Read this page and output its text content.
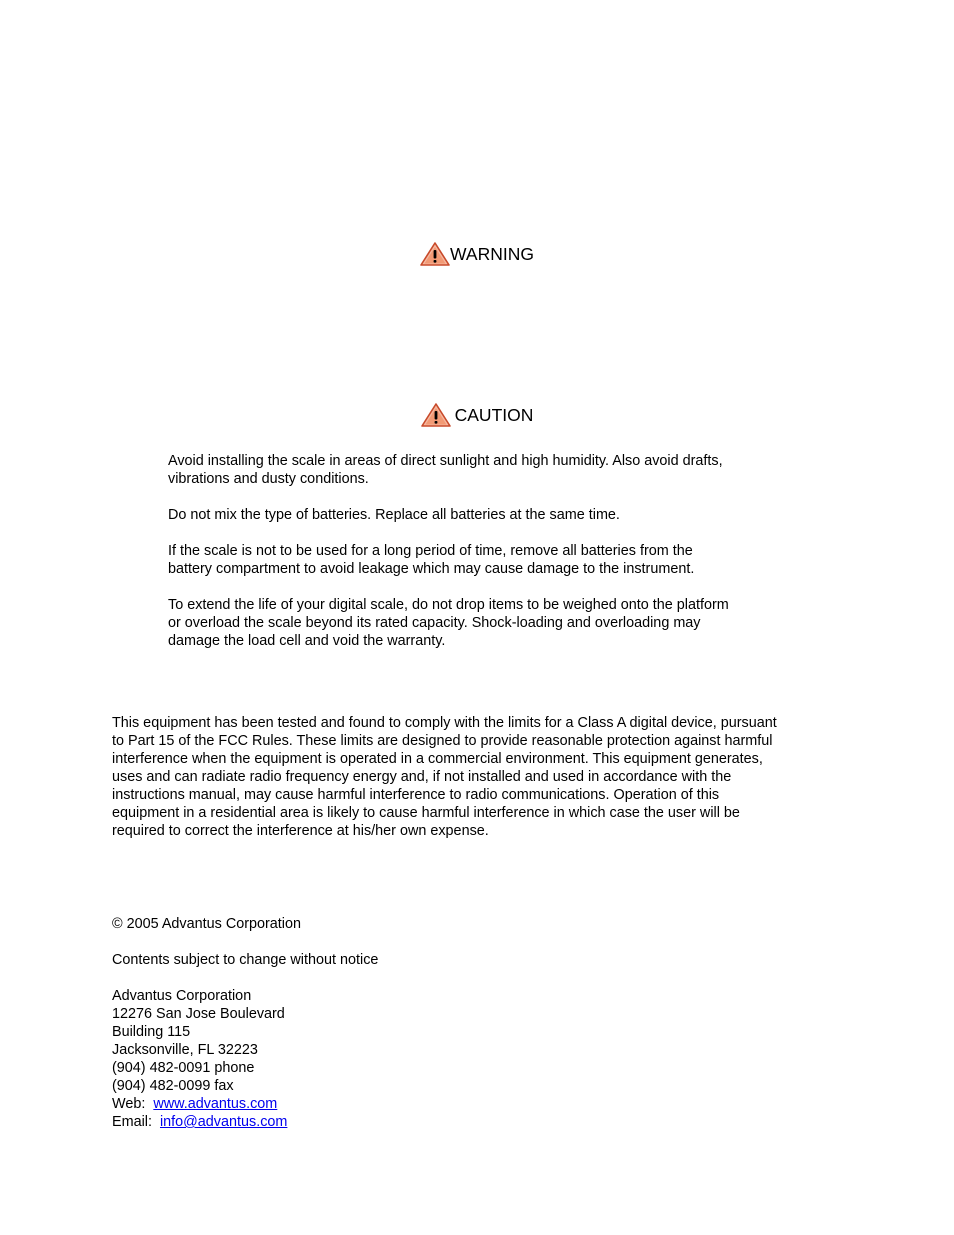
WARNING
CAUTION

Avoid installing the scale in areas of direct sunlight and high humidity. Also avoid drafts,
vibrations and dusty conditions.

Do not mix the type of batteries. Replace all batteries at the same time.

If the scale is not to be used for a long period of time, remove all batteries from the
battery compartment to avoid leakage which may cause damage to the instrument.

To extend the life of your digital scale, do not drop items to be weighed onto the platform
or overload the scale beyond its rated capacity. Shock-loading and overloading may
damage the load cell and void the warranty.

This equipment has been tested and found to comply with the limits for a Class A digital device, pursuant
to Part 15 of the FCC Rules. These limits are designed to provide reasonable protection against harmful
interference when the equipment is operated in a commercial environment. This equipment generates,
uses and can radiate radio frequency energy and, if not installed and used in accordance with the
instructions manual, may cause harmful interference to radio communications. Operation of this
equipment in a residential area is likely to cause harmful interference in which case the user will be
required to correct the interference at his/her own expense.

© 2005 Advantus Corporation

Contents subject to change without notice

Advantus Corporation
12276 San Jose Boulevard
Building 115
Jacksonville, FL 32223
(904) 482-0091 phone
(904) 482-0099 fax
Web: www.advantus.com
Email: info@advantus.com
